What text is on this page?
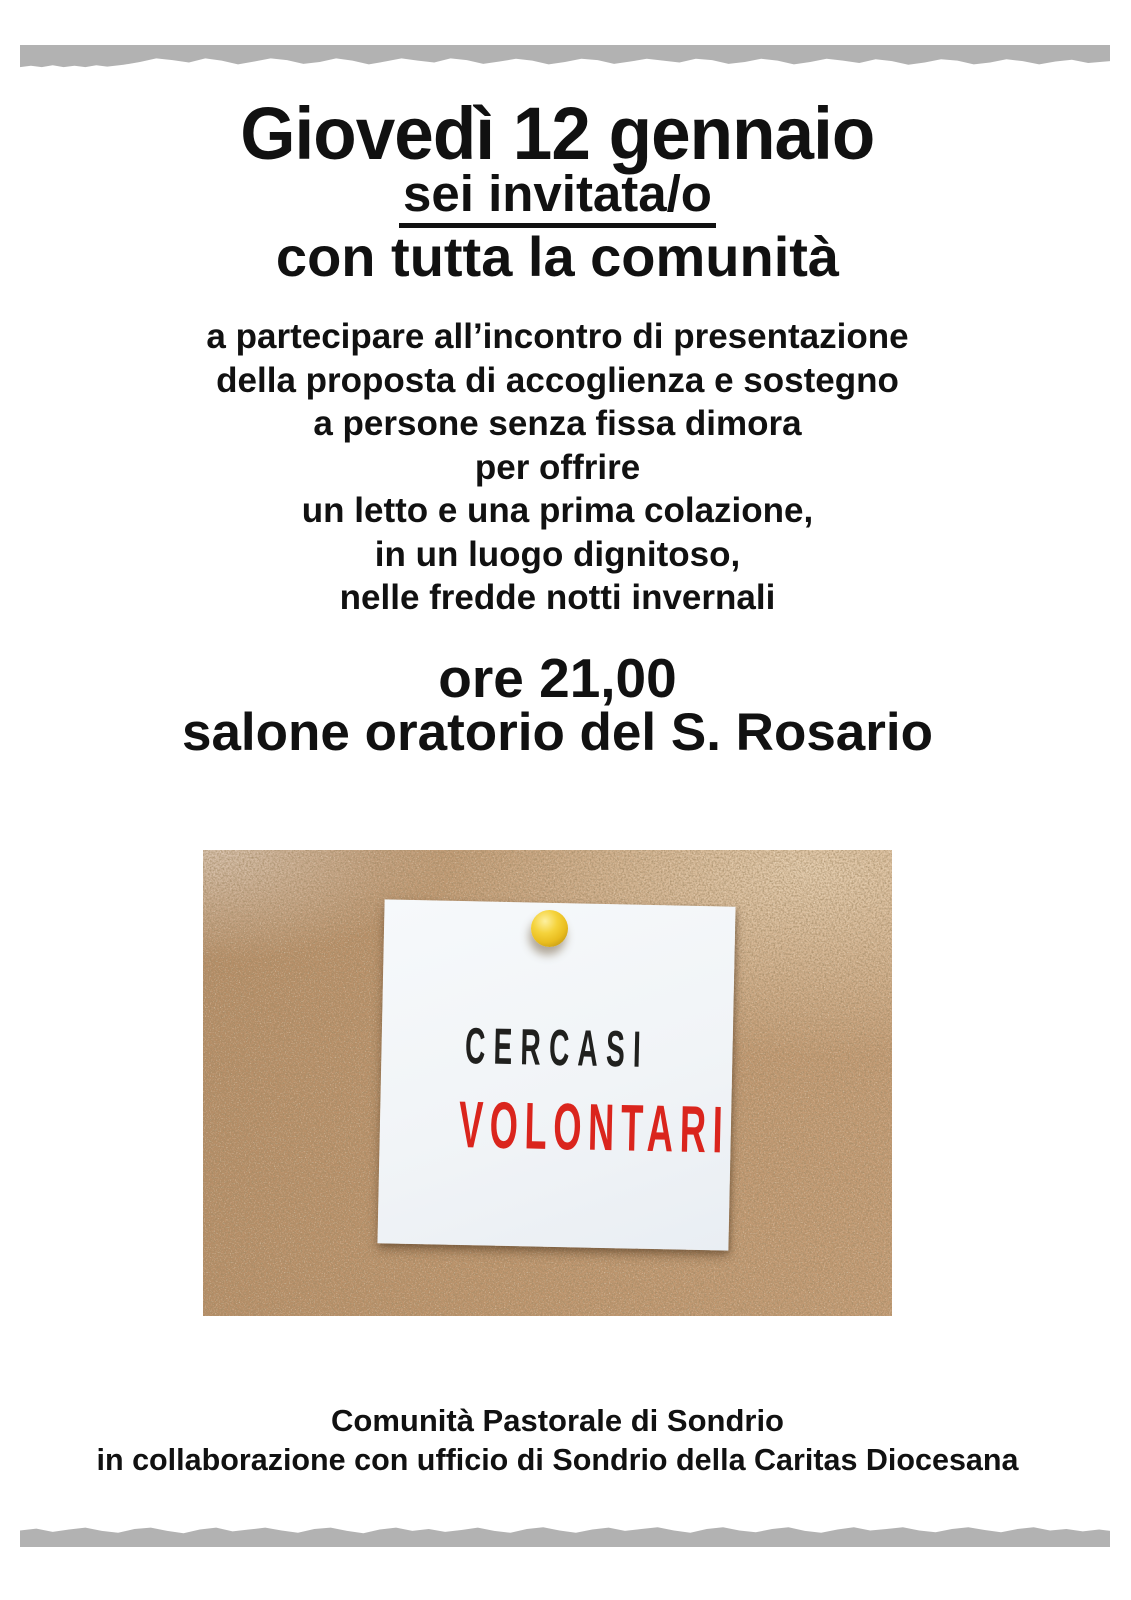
Giovedì 12 gennaio
sei invitata/o
con tutta la comunità
a partecipare all’incontro di presentazione
della proposta di accoglienza e sostegno
a persone senza fissa dimora
per offrire
un letto e una prima colazione,
in un luogo dignitoso,
nelle fredde notti invernali
ore 21,00
salone oratorio del S. Rosario
CERCASI
VOLONTARI
Comunità Pastorale di Sondrio
in collaborazione con ufficio di Sondrio della Caritas Diocesana
